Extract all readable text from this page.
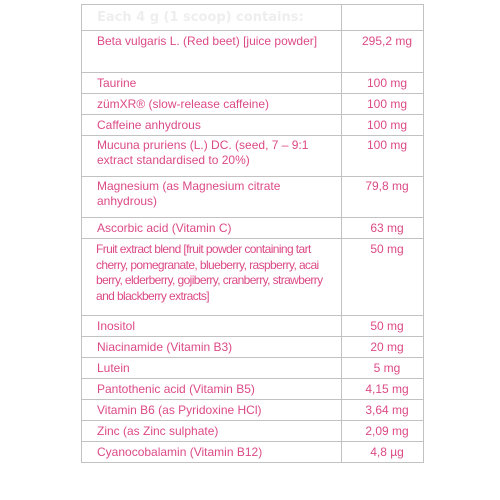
Each 4 g (1 scoop) contains:	
Beta vulgaris L. (Red beet) [juice powder]	295,2 mg
Taurine	100 mg
zümXR® (slow-release caffeine)	100 mg
Caffeine anhydrous	100 mg
Mucuna pruriens (L.) DC. (seed, 7 – 9:1 extract standardised to 20%)	100 mg
Magnesium (as Magnesium citrate anhydrous)	79,8 mg
Ascorbic acid (Vitamin C)	63 mg
Fruit extract blend [fruit powder containing tart cherry, pomegranate, blueberry, raspberry, acai berry, elderberry, gojiberry, cranberry, strawberry and blackberry extracts]	50 mg
Inositol	50 mg
Niacinamide (Vitamin B3)	20 mg
Lutein	5 mg
Pantothenic acid (Vitamin B5)	4,15 mg
Vitamin B6 (as Pyridoxine HCl)	3,64 mg
Zinc (as Zinc sulphate)	2,09 mg
Cyanocobalamin (Vitamin B12)	4,8 µg
